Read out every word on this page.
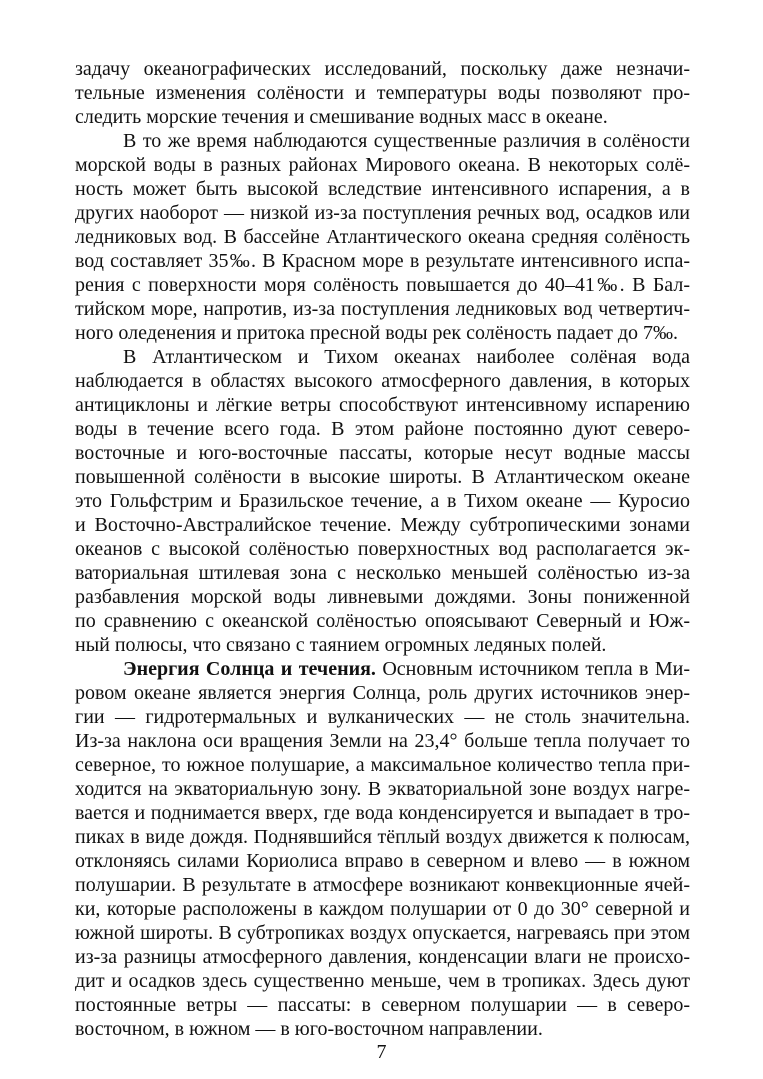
задачу океанографических исследований, поскольку даже незначи-
тельные изменения солёности и температуры воды позволяют про-
следить морские течения и смешивание водных масс в океане.
В то же время наблюдаются существенные различия в солёности
морской воды в разных районах Мирового океана. В некоторых солё-
ность может быть высокой вследствие интенсивного испарения, а в
других наоборот — низкой из-за поступления речных вод, осадков или
ледниковых вод. В бассейне Атлантического океана средняя солёность
вод составляет 35‰. В Красном море в результате интенсивного испа-
рения с поверхности моря солёность повышается до 40–41‰. В Бал-
тийском море, напротив, из-за поступления ледниковых вод четвертич-
ного оледенения и притока пресной воды рек солёность падает до 7‰.
В Атлантическом и Тихом океанах наиболее солёная вода
наблюдается в областях высокого атмосферного давления, в которых
антициклоны и лёгкие ветры способствуют интенсивному испарению
воды в течение всего года. В этом районе постоянно дуют северо-
восточные и юго-восточные пассаты, которые несут водные массы
повышенной солёности в высокие широты. В Атлантическом океане
это Гольфстрим и Бразильское течение, а в Тихом океане — Куросио
и Восточно-Австралийское течение. Между субтропическими зонами
океанов с высокой солёностью поверхностных вод располагается эк-
ваториальная штилевая зона с несколько меньшей солёностью из-за
разбавления морской воды ливневыми дождями. Зоны пониженной
по сравнению с океанской солёностью опоясывают Северный и Юж-
ный полюсы, что связано с таянием огромных ледяных полей.
Энергия Солнца и течения. Основным источником тепла в Ми-
ровом океане является энергия Солнца, роль других источников энер-
гии — гидротермальных и вулканических — не столь значительна.
Из-за наклона оси вращения Земли на 23,4° больше тепла получает то
северное, то южное полушарие, а максимальное количество тепла при-
ходится на экваториальную зону. В экваториальной зоне воздух нагре-
вается и поднимается вверх, где вода конденсируется и выпадает в тро-
пиках в виде дождя. Поднявшийся тёплый воздух движется к полюсам,
отклоняясь силами Кориолиса вправо в северном и влево — в южном
полушарии. В результате в атмосфере возникают конвекционные ячей-
ки, которые расположены в каждом полушарии от 0 до 30° северной и
южной широты. В субтропиках воздух опускается, нагреваясь при этом
из-за разницы атмосферного давления, конденсации влаги не происхо-
дит и осадков здесь существенно меньше, чем в тропиках. Здесь дуют
постоянные ветры — пассаты: в северном полушарии — в северо-
восточном, в южном — в юго-восточном направлении.
7
